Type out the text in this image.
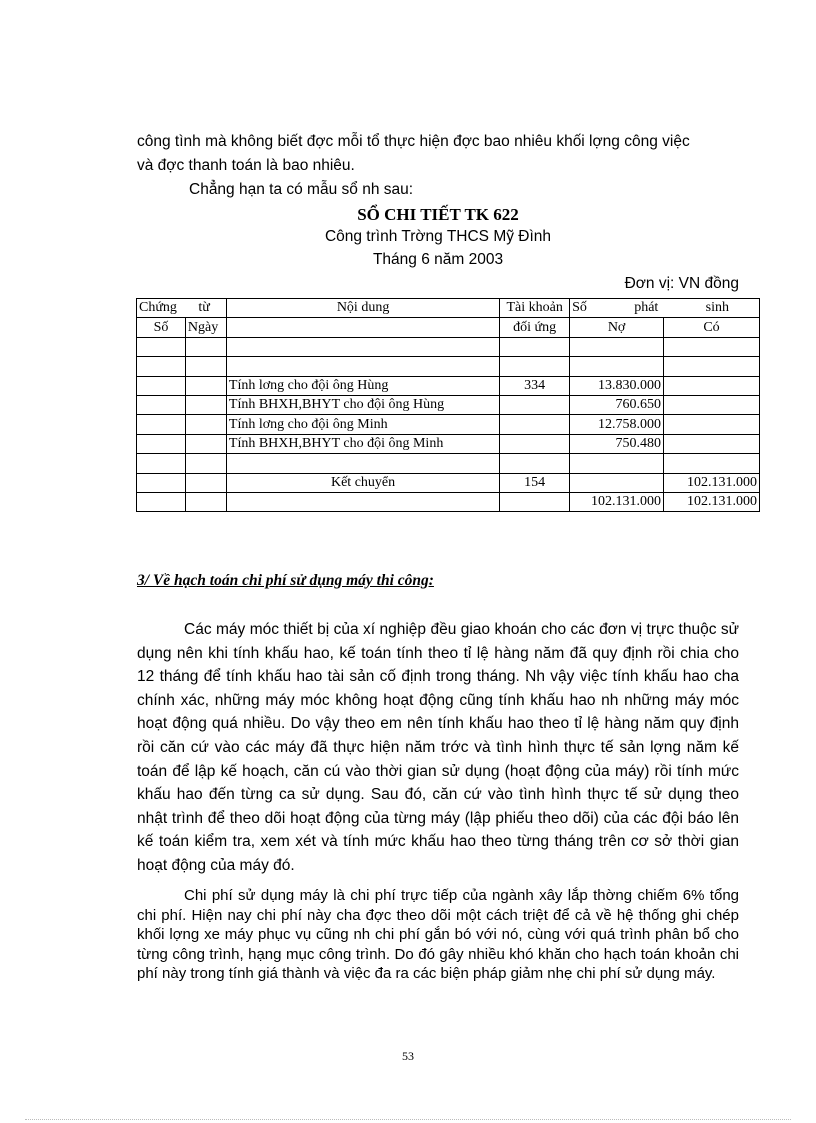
công tình mà không biết đợc mỗi tổ thực hiện đợc bao nhiêu khối lợng công việc
và đợc thanh toán là bao nhiêu.
Chẳng hạn ta có mẫu sổ nh sau:
SỔ CHI TIẾT TK 622
Công trình Trờng THCS Mỹ Đình
Tháng 6 năm 2003
Đơn vị: VN đồng
Chứng từ		Nội dung	Tài khoản	Số phát sinh	

Số	Ngày		đối ứng	Nợ	Có

		Tính lơng cho đội ông Hùng	334	13.830.000	
		Tính BHXH,BHYT cho đội ông Hùng		760.650	
		Tính lơng cho đội ông Minh		12.758.000	
		Tính BHXH,BHYT cho đội ông Minh		750.480	

		Kết chuyển	154		102.131.000
				102.131.000	102.131.000
3/ Về hạch toán chi phí sử dụng máy thi công:
Các máy móc thiết bị của xí nghiệp đều giao khoán cho các đơn vị trực thuộc sử dụng nên khi tính khấu hao, kế toán tính theo tỉ lệ hàng năm đã quy định rồi chia cho 12 tháng để tính khấu hao tài sản cố định trong tháng. Nh vậy việc tính khấu hao cha chính xác, những máy móc không hoạt động cũng tính khấu hao nh những máy móc hoạt động quá nhiều. Do vậy theo em nên tính khấu hao theo tỉ lệ hàng năm quy định rồi căn cứ vào các máy đã thực hiện năm trớc và tình hình thực tế sản lợng năm kế toán để lập kế hoạch, căn cú vào thời gian sử dụng (hoạt động của máy) rồi tính mức khấu hao đến từng ca sử dụng. Sau đó, căn cứ vào tình hình thực tế sử dụng theo nhật trình để theo dõi hoạt động của từng máy (lập phiếu theo dõi) của các đội báo lên kế toán kiểm tra, xem xét và tính mức khấu hao theo từng tháng trên cơ sở thời gian hoạt động của máy đó.
Chi phí sử dụng máy là chi phí trực tiếp của ngành xây lắp thờng chiếm 6% tổng chi phí. Hiện nay chi phí này cha đợc theo dõi một cách triệt để cả về hệ thống ghi chép khối lợng xe máy phục vụ cũng nh chi phí gắn bó với nó, cùng với quá trình phân bổ cho từng công trình, hạng mục công trình. Do đó gây nhiều khó khăn cho hạch toán khoản chi phí này trong tính giá thành và việc đa ra các biện pháp giảm nhẹ chi phí sử dụng máy.
53
